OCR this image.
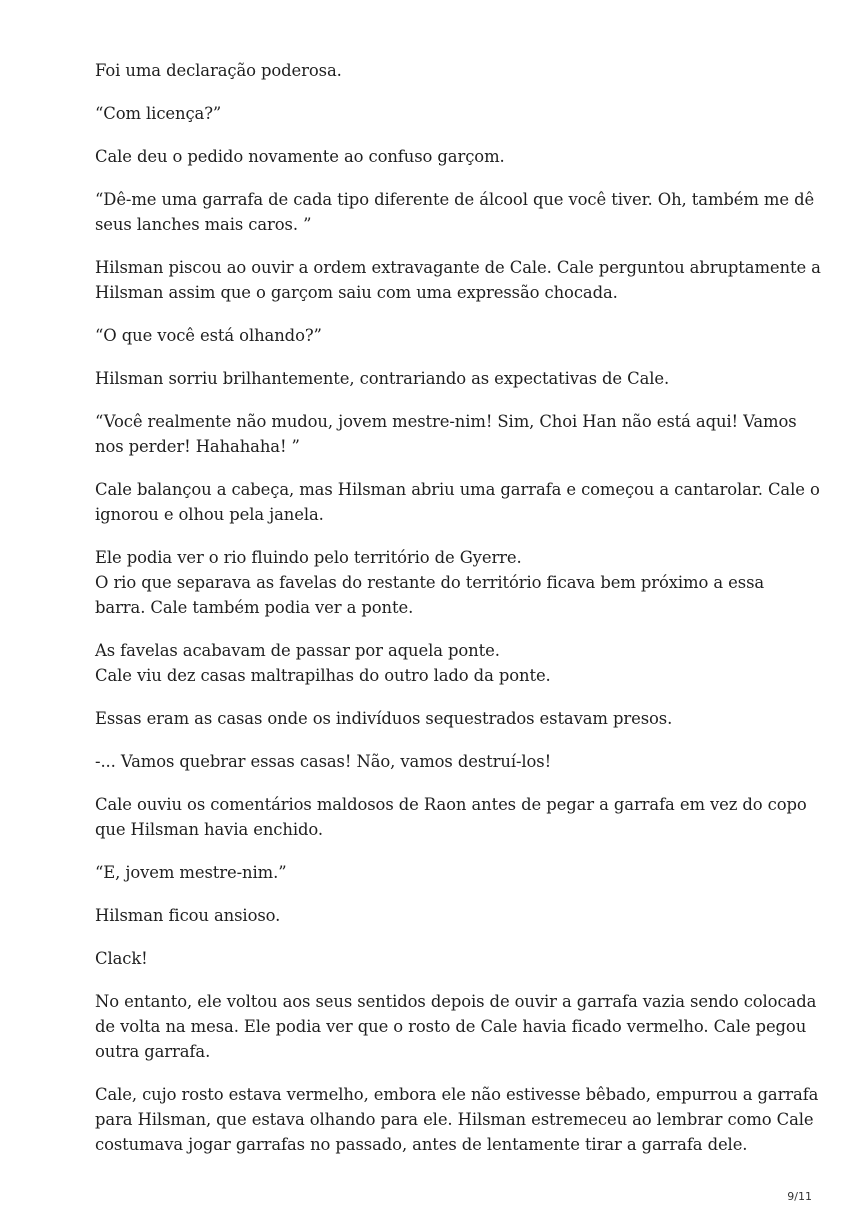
Foi uma declaração poderosa.

“Com licença?”

Cale deu o pedido novamente ao confuso garçom.

“Dê-me uma garrafa de cada tipo diferente de álcool que você tiver. Oh, também me dê
seus lanches mais caros. ”

Hilsman piscou ao ouvir a ordem extravagante de Cale. Cale perguntou abruptamente a
Hilsman assim que o garçom saiu com uma expressão chocada.

“O que você está olhando?”

Hilsman sorriu brilhantemente, contrariando as expectativas de Cale.

“Você realmente não mudou, jovem mestre-nim! Sim, Choi Han não está aqui! Vamos
nos perder! Hahahaha! ”

Cale balançou a cabeça, mas Hilsman abriu uma garrafa e começou a cantarolar. Cale o
ignorou e olhou pela janela.

Ele podia ver o rio fluindo pelo território de Gyerre.
O rio que separava as favelas do restante do território ficava bem próximo a essa
barra. Cale também podia ver a ponte.

As favelas acabavam de passar por aquela ponte.
Cale viu dez casas maltrapilhas do outro lado da ponte.

Essas eram as casas onde os indivíduos sequestrados estavam presos.

-... Vamos quebrar essas casas! Não, vamos destruí-los!

Cale ouviu os comentários maldosos de Raon antes de pegar a garrafa em vez do copo
que Hilsman havia enchido.

“E, jovem mestre-nim.”

Hilsman ficou ansioso.

Clack!

No entanto, ele voltou aos seus sentidos depois de ouvir a garrafa vazia sendo colocada
de volta na mesa. Ele podia ver que o rosto de Cale havia ficado vermelho. Cale pegou
outra garrafa.

Cale, cujo rosto estava vermelho, embora ele não estivesse bêbado, empurrou a garrafa
para Hilsman, que estava olhando para ele. Hilsman estremeceu ao lembrar como Cale
costumava jogar garrafas no passado, antes de lentamente tirar a garrafa dele.

9/11
